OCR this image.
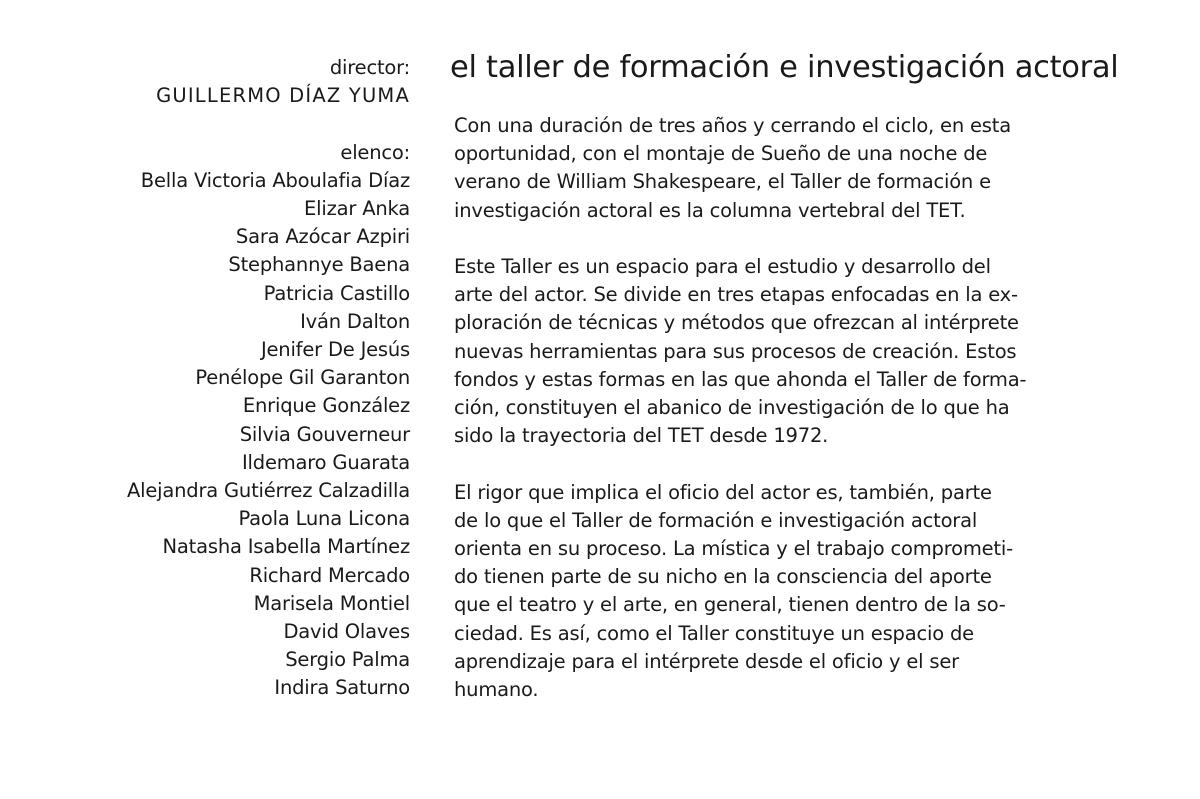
director:
GUILLERMO DÍAZ YUMA
elenco:
Bella Victoria Aboulafia Díaz
Elizar Anka
Sara Azócar Azpiri
Stephannye Baena
Patricia Castillo
Iván Dalton
Jenifer De Jesús
Penélope Gil Garanton
Enrique González
Silvia Gouverneur
Ildemaro Guarata
Alejandra Gutiérrez Calzadilla
Paola Luna Licona
Natasha Isabella Martínez
Richard Mercado
Marisela Montiel
David Olaves
Sergio Palma
Indira Saturno
el taller de formación e investigación actoral

Con una duración de tres años y cerrando el ciclo, en esta
oportunidad, con el montaje de Sueño de una noche de
verano de William Shakespeare, el Taller de formación e
investigación actoral es la columna vertebral del TET.

Este Taller es un espacio para el estudio y desarrollo del
arte del actor. Se divide en tres etapas enfocadas en la ex-
ploración de técnicas y métodos que ofrezcan al intérprete
nuevas herramientas para sus procesos de creación. Estos
fondos y estas formas en las que ahonda el Taller de forma-
ción, constituyen el abanico de investigación de lo que ha
sido la trayectoria del TET desde 1972.

El rigor que implica el oficio del actor es, también, parte
de lo que el Taller de formación e investigación actoral
orienta en su proceso. La mística y el trabajo comprometi-
do tienen parte de su nicho en la consciencia del aporte
que el teatro y el arte, en general, tienen dentro de la so-
ciedad. Es así, como el Taller constituye un espacio de
aprendizaje para el intérprete desde el oficio y el ser
humano.
